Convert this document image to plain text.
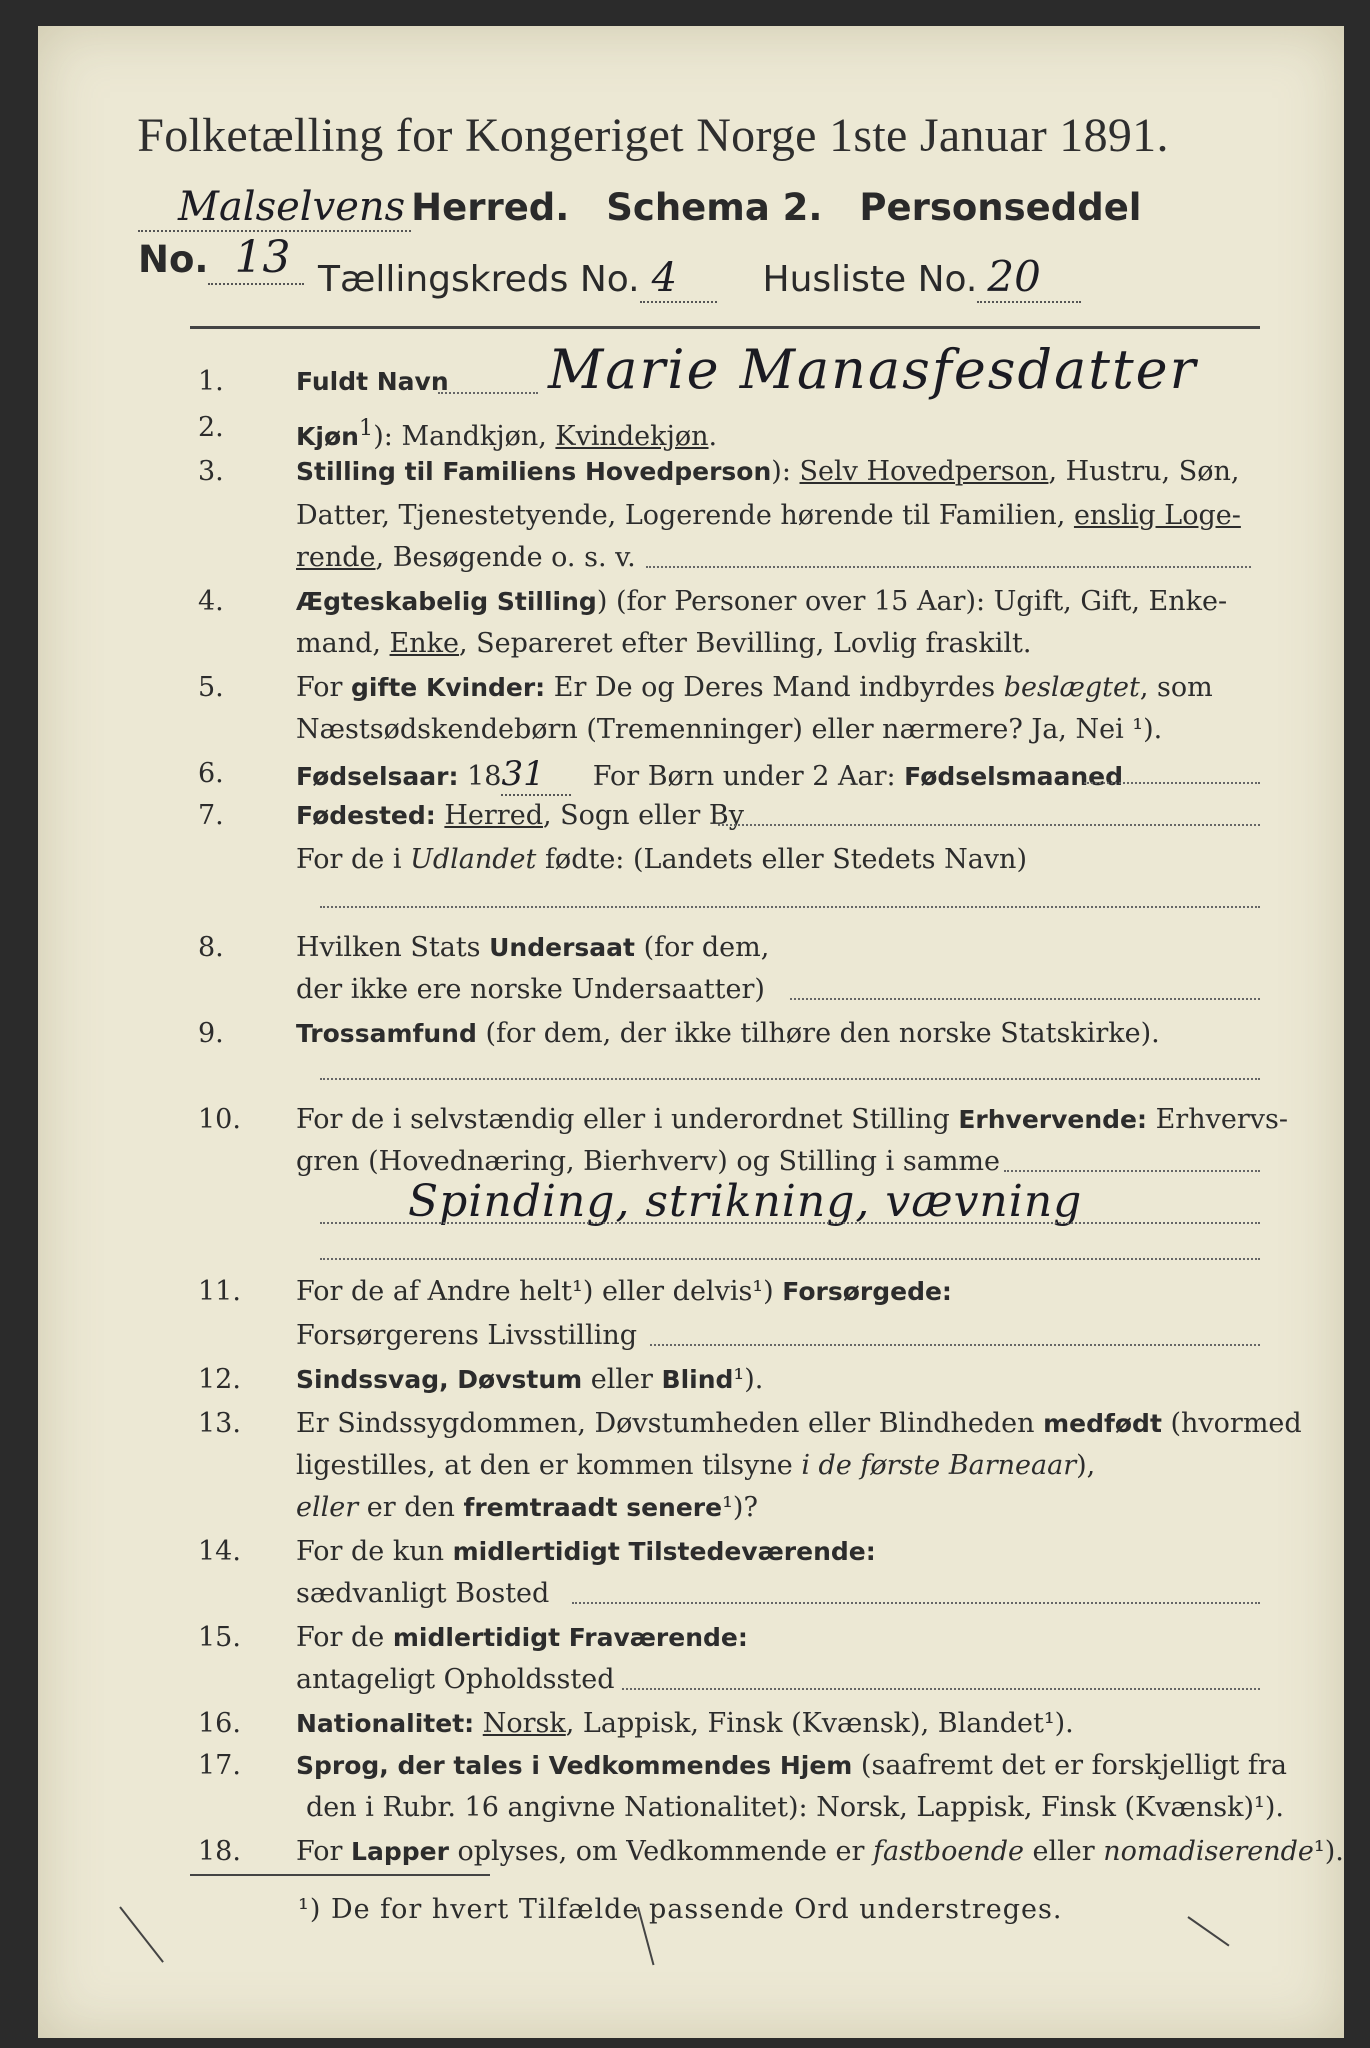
Folketælling for Kongeriget Norge 1ste Januar 1891.
Malselvens Herred. Schema 2. Personseddel No. 13 Tællingskreds No. 4 Husliste No. 20
1.	Fuldt Navn	Marie Manasfesdatter
2.	Kjøn$^1$): Mandkjøn, Kvindekjøn.
3.	Stilling til Familiens Hovedperson): Selv Hovedperson, Hustru, Søn,
Datter, Tjenestetyende, Logerende hørende til Familien, enslig Loge-
rende, Besøgende o. s. v.
4.	Ægteskabelig Stilling) (for Personer over 15 Aar): Ugift, Gift, Enke-
mand, Enke, Separeret efter Bevilling, Lovlig fraskilt.
5.	For gifte Kvinder: Er De og Deres Mand indbyrdes beslægtet, som
Næstsødskendebørn (Tremenninger) eller nærmere? Ja, Nei ¹).
6.	Fødselsaar: 1831 For Børn under 2 Aar: Fødselsmaaned
7.	Fødested: Herred, Sogn eller By
For de i Udlandet fødte: (Landets eller Stedets Navn)
8.	Hvilken Stats Undersaat (for dem,
der ikke ere norske Undersaatter)
9.	Trossamfund (for dem, der ikke tilhøre den norske Statskirke).
10.	For de i selvstændig eller i underordnet Stilling Erhvervende: Erhvervs-
gren (Hovednæring, Bierhverv) og Stilling i samme
Spinding, strikning, vævning
11.	For de af Andre helt¹) eller delvis¹) Forsørgede:
Forsørgerens Livsstilling
12.	Sindssvag, Døvstum eller Blind¹).
13.	Er Sindssygdommen, Døvstumheden eller Blindheden medfødt (hvormed
ligestilles, at den er kommen tilsyne i de første Barneaar),
eller er den fremtraadt senere¹)?
14.	For de kun midlertidigt Tilstedeværende:
sædvanligt Bosted
15.	For de midlertidigt Fraværende:
antageligt Opholdssted
16.	Nationalitet: Norsk, Lappisk, Finsk (Kvænsk), Blandet¹).
17.	Sprog, der tales i Vedkommendes Hjem (saafremt det er forskjelligt fra
den i Rubr. 16 angivne Nationalitet): Norsk, Lappisk, Finsk (Kvænsk)¹).
18.	For Lapper oplyses, om Vedkommende er fastboende eller nomadiserende¹).
¹) De for hvert Tilfælde passende Ord understreges.
